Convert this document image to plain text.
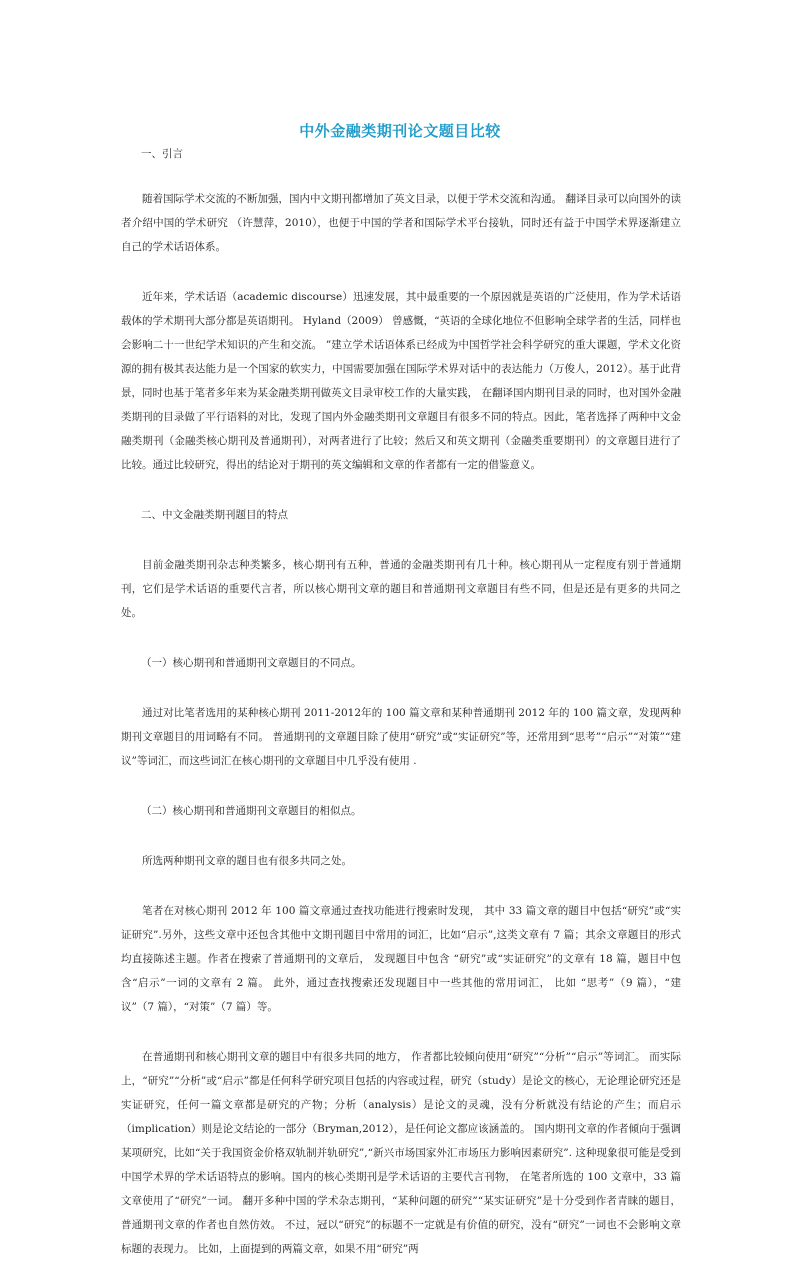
中外金融类期刊论文题目比较

一、引言

随着国际学术交流的不断加强，国内中文期刊都增加了英文目录，以便于学术交流和沟通。 翻译目录可以向国外的读者介绍中国的学术研究 （许慧萍，2010），也便于中国的学者和国际学术平台接轨，同时还有益于中国学术界逐渐建立自己的学术话语体系。

近年来，学术话语（academic discourse）迅速发展，其中最重要的一个原因就是英语的广泛使用，作为学术话语载体的学术期刊大部分都是英语期刊。 Hyland（2009） 曾感慨，“英语的全球化地位不但影响全球学者的生活，同样也会影响二十一世纪学术知识的产生和交流。 ”建立学术话语体系已经成为中国哲学社会科学研究的重大课题，学术文化资源的拥有极其表达能力是一个国家的软实力，中国需要加强在国际学术界对话中的表达能力（万俊人，2012）。基于此背景，同时也基于笔者多年来为某金融类期刊做英文目录审校工作的大量实践， 在翻译国内期刊目录的同时，也对国外金融类期刊的目录做了平行语料的对比，发现了国内外金融类期刊文章题目有很多不同的特点。因此，笔者选择了两种中文金融类期刊（金融类核心期刊及普通期刊），对两者进行了比较；然后又和英文期刊（金融类重要期刊）的文章题目进行了比较。通过比较研究，得出的结论对于期刊的英文编辑和文章的作者都有一定的借鉴意义。

二、中文金融类期刊题目的特点

目前金融类期刊杂志种类繁多，核心期刊有五种，普通的金融类期刊有几十种。核心期刊从一定程度有别于普通期刊，它们是学术话语的重要代言者，所以核心期刊文章的题目和普通期刊文章题目有些不同，但是还是有更多的共同之处。

（一）核心期刊和普通期刊文章题目的不同点。

通过对比笔者选用的某种核心期刊 2011-2012年的 100 篇文章和某种普通期刊 2012 年的 100 篇文章，发现两种期刊文章题目的用词略有不同。 普通期刊的文章题目除了使用“研究”或“实证研究”等，还常用到“思考”“启示”“对策”“建议”等词汇，而这些词汇在核心期刊的文章题目中几乎没有使用 .

（二）核心期刊和普通期刊文章题目的相似点。

所选两种期刊文章的题目也有很多共同之处。

笔者在对核心期刊 2012 年 100 篇文章通过查找功能进行搜索时发现， 其中 33 篇文章的题目中包括“研究”或“实证研究”.另外，这些文章中还包含其他中文期刊题目中常用的词汇，比如“启示”,这类文章有 7 篇；其余文章题目的形式均直接陈述主题。作者在搜索了普通期刊的文章后， 发现题目中包含 “研究”或“实证研究”的文章有 18 篇，题目中包含“启示”一词的文章有 2 篇。 此外，通过查找搜索还发现题目中一些其他的常用词汇， 比如 “思考”（9 篇），“建议”（7 篇），“对策”（7 篇）等。

在普通期刊和核心期刊文章的题目中有很多共同的地方， 作者都比较倾向使用“研究”“分析”“启示”等词汇。 而实际上，“研究”“分析”或“启示”都是任何科学研究项目包括的内容或过程，研究（study）是论文的核心，无论理论研究还是实证研究，任何一篇文章都是研究的产物；分析（analysis）是论文的灵魂，没有分析就没有结论的产生；而启示（implication）则是论文结论的一部分（Bryman,2012），是任何论文都应该涵盖的。 国内期刊文章的作者倾向于强调某项研究，比如“关于我国资金价格双轨制并轨研究”,“新兴市场国家外汇市场压力影响因素研究”. 这种现象很可能是受到中国学术界的学术话语特点的影响。国内的核心类期刊是学术话语的主要代言刊物， 在笔者所选的 100 文章中，33 篇文章使用了“研究”一词。 翻开多种中国的学术杂志期刊，“某种问题的研究”“某实证研究”是十分受到作者青睐的题目，普通期刊文章的作者也自然仿效。 不过，冠以“研究”的标题不一定就是有价值的研究，没有“研究”一词也不会影响文章标题的表现力。 比如，上面提到的两篇文章，如果不用“研究”两
